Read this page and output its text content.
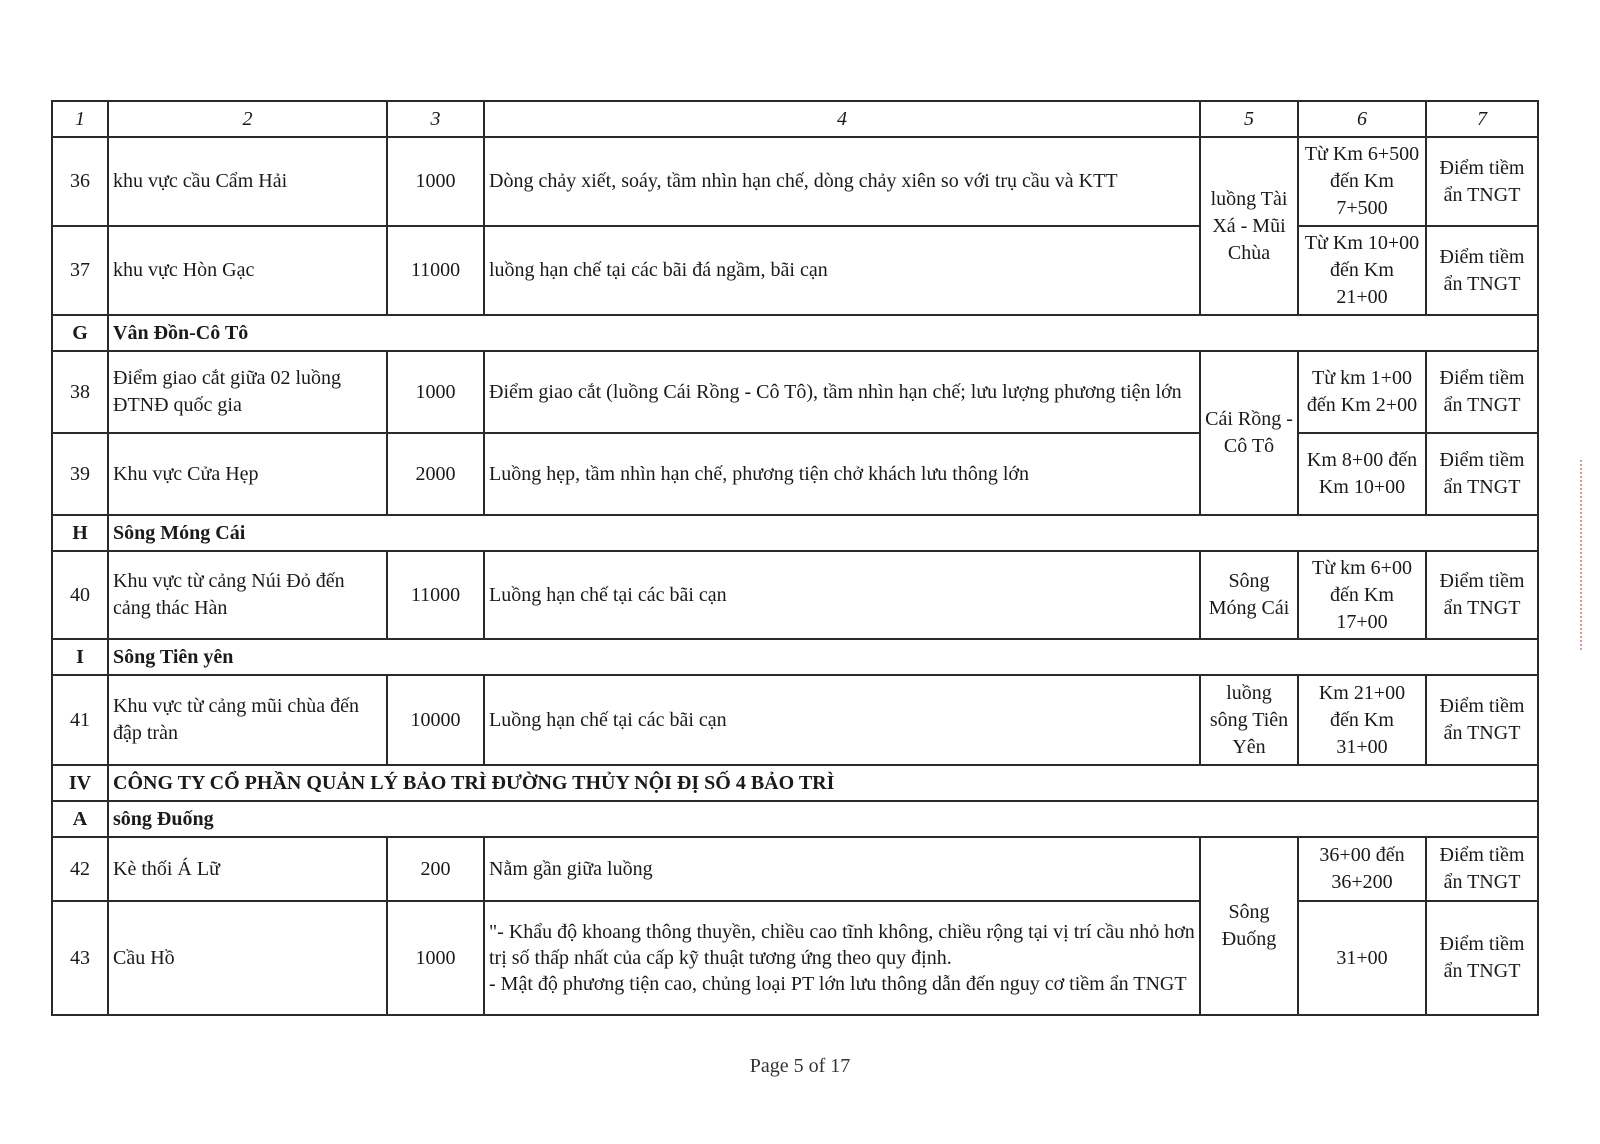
1	2	3	4	5	6	7
36	khu vực cầu Cẩm Hải	1000	Dòng chảy xiết, soáy, tầm nhìn hạn chế, dòng chảy xiên so với trụ cầu và KTT	luồng Tài Xá - Mũi Chùa	Từ Km 6+500 đến Km 7+500	Điểm tiềm ẩn TNGT
37	khu vực Hòn Gạc	11000	luồng hạn chế tại các bãi đá ngầm, bãi cạn		Từ Km 10+00 đến Km 21+00	Điểm tiềm ẩn TNGT
G	Vân Đồn-Cô Tô					
38	Điểm giao cắt giữa 02 luồng ĐTNĐ quốc gia	1000	Điểm giao cắt (luồng Cái Rồng - Cô Tô), tầm nhìn hạn chế; lưu lượng phương tiện lớn	Cái Rồng - Cô Tô	Từ km 1+00 đến Km 2+00	Điểm tiềm ẩn TNGT
39	Khu vực Cửa Hẹp	2000	Luồng hẹp, tầm nhìn hạn chế, phương tiện chở khách lưu thông lớn		Km 8+00 đến Km 10+00	Điểm tiềm ẩn TNGT
H	Sông Móng Cái					
40	Khu vực từ cảng Núi Đỏ đến cảng thác Hàn	11000	Luồng hạn chế tại các bãi cạn	Sông Móng Cái	Từ km 6+00 đến Km 17+00	Điểm tiềm ẩn TNGT
I	Sông Tiên yên					
41	Khu vực từ cảng mũi chùa đến đập tràn	10000	Luồng hạn chế tại các bãi cạn	luồng sông Tiên Yên	Km 21+00 đến Km 31+00	Điểm tiềm ẩn TNGT
IV	CÔNG TY CỔ PHẦN QUẢN LÝ BẢO TRÌ ĐƯỜNG THỦY NỘI ĐỊ SỐ 4 BẢO TRÌ					
A	sông Đuống					
42	Kè thối Á Lữ	200	Nằm gần giữa luồng	Sông Đuống	36+00 đến 36+200	Điểm tiềm ẩn TNGT
43	Cầu Hồ	1000	"- Khẩu độ khoang thông thuyền, chiều cao tĩnh không, chiều rộng tại vị trí cầu nhỏ hơn trị số thấp nhất của cấp kỹ thuật tương ứng theo quy định.
- Mật độ phương tiện cao, chủng loại PT lớn lưu thông dẫn đến nguy cơ tiềm ẩn TNGT		31+00	Điểm tiềm ẩn TNGT
Page 5 of 17
